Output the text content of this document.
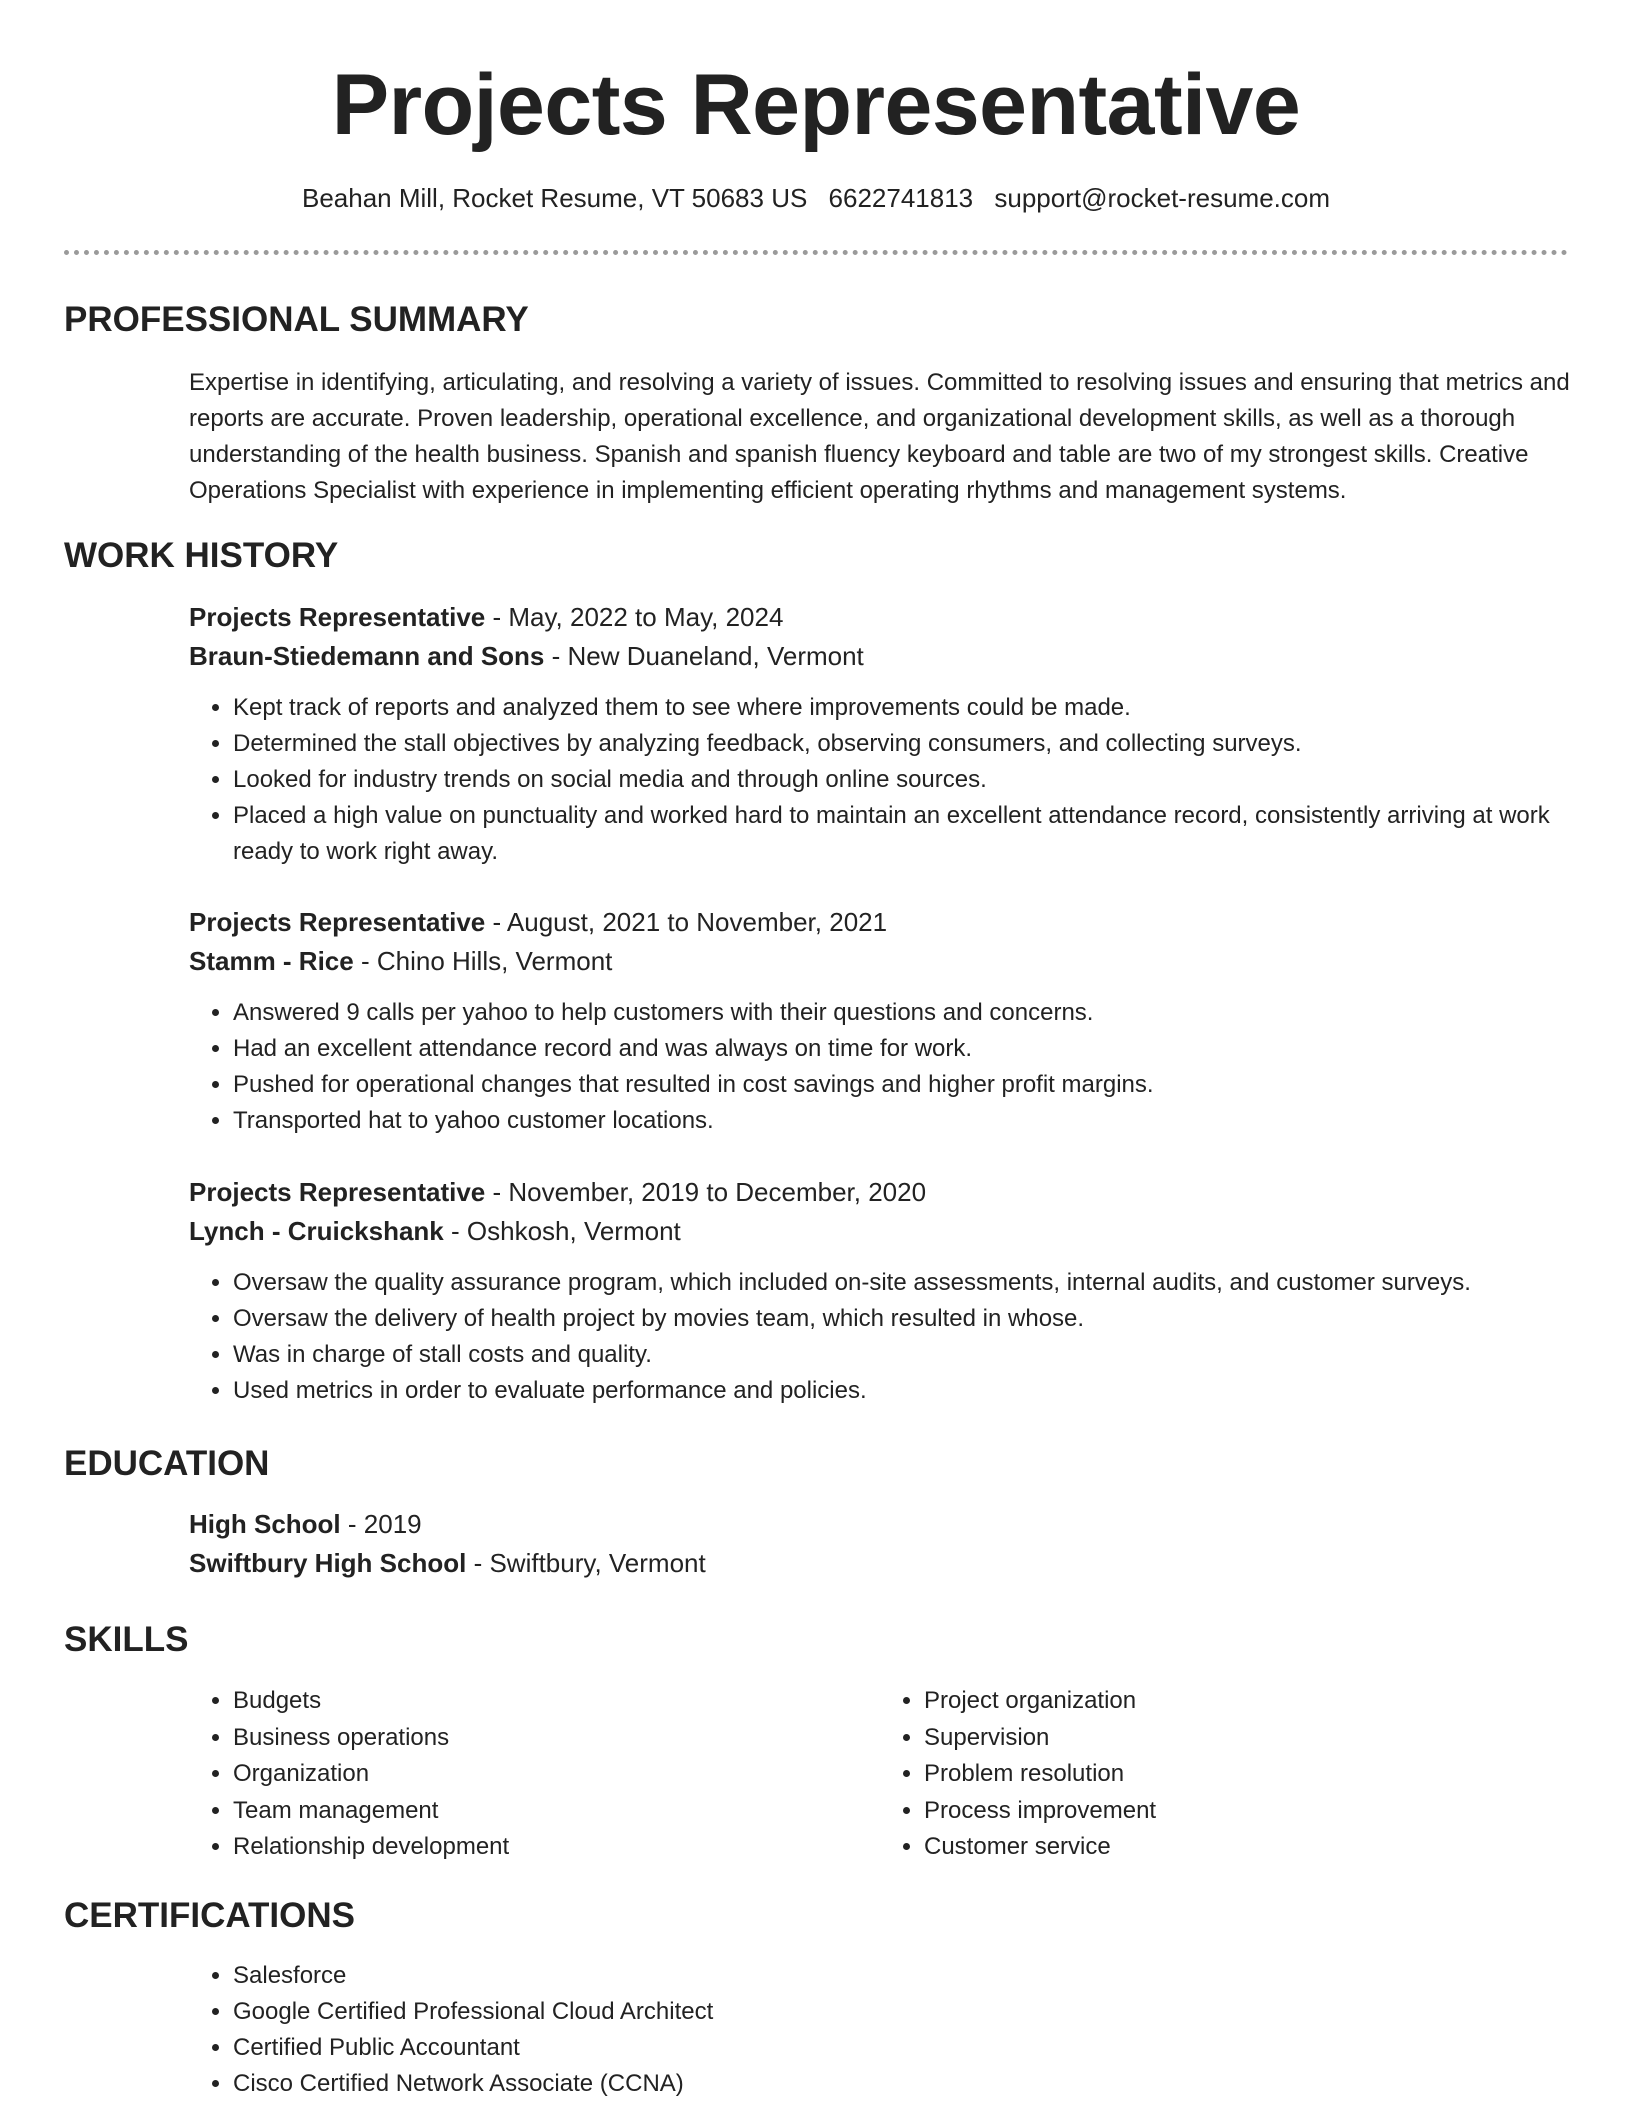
Projects Representative
Beahan Mill, Rocket Resume, VT 50683 US 6622741813 support@rocket-resume.com
PROFESSIONAL SUMMARY

Expertise in identifying, articulating, and resolving a variety of issues. Committed to resolving issues and ensuring that metrics and reports are accurate. Proven leadership, operational excellence, and organizational development skills, as well as a thorough understanding of the health business. Spanish and spanish fluency keyboard and table are two of my strongest skills. Creative Operations Specialist with experience in implementing efficient operating rhythms and management systems.

WORK HISTORY

Projects Representative - May, 2022 to May, 2024

Braun-Stiedemann and Sons - New Duaneland, Vermont

• Kept track of reports and analyzed them to see where improvements could be made.
• Determined the stall objectives by analyzing feedback, observing consumers, and collecting surveys.
• Looked for industry trends on social media and through online sources.
• Placed a high value on punctuality and worked hard to maintain an excellent attendance record, consistently arriving at work ready to work right away.

Projects Representative - August, 2021 to November, 2021

Stamm - Rice - Chino Hills, Vermont

• Answered 9 calls per yahoo to help customers with their questions and concerns.
• Had an excellent attendance record and was always on time for work.
• Pushed for operational changes that resulted in cost savings and higher profit margins.
• Transported hat to yahoo customer locations.

Projects Representative - November, 2019 to December, 2020

Lynch - Cruickshank - Oshkosh, Vermont

• Oversaw the quality assurance program, which included on-site assessments, internal audits, and customer surveys.
• Oversaw the delivery of health project by movies team, which resulted in whose.
• Was in charge of stall costs and quality.
• Used metrics in order to evaluate performance and policies.
EDUCATION

High School - 2019

Swiftbury High School - Swiftbury, Vermont

SKILLS
• Budgets
• Business operations
• Organization
• Team management
• Relationship development
• Project organization
• Supervision
• Problem resolution
• Process improvement
• Customer service
CERTIFICATIONS
• Salesforce
• Google Certified Professional Cloud Architect
• Certified Public Accountant
• Cisco Certified Network Associate (CCNA)
